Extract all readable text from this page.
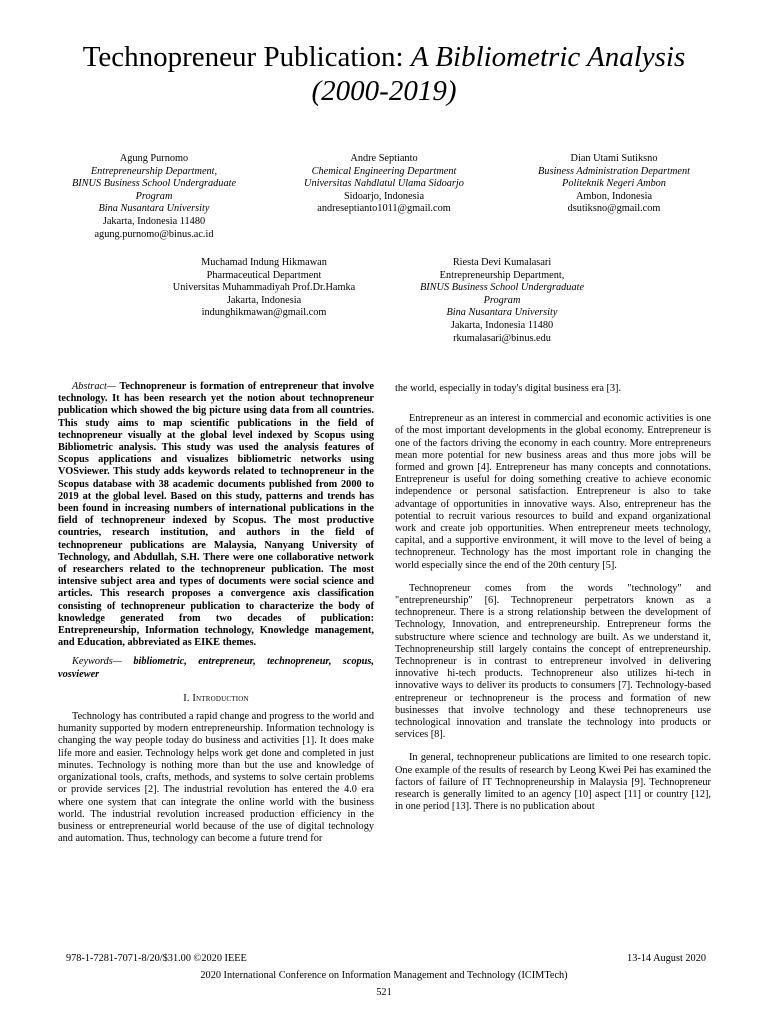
Technopreneur Publication: A Bibliometric Analysis
(2000-2019)
Agung Purnomo
Entrepreneurship Department,
BINUS Business School Undergraduate
Program
Bina Nusantara University
Jakarta, Indonesia 11480
agung.purnomo@binus.ac.id
Andre Septianto
Chemical Engineering Department
Universitas Nahdlatul Ulama Sidoarjo
Sidoarjo, Indonesia
andreseptianto1011@gmail.com
Dian Utami Sutiksno
Business Administration Department
Politeknik Negeri Ambon
Ambon, Indonesia
dsutiksno@gmail.com
Muchamad Indung Hikmawan
Pharmaceutical Department
Universitas Muhammadiyah Prof.Dr.Hamka
Jakarta, Indonesia
indunghikmawan@gmail.com
Riesta Devi Kumalasari
Entrepreneurship Department,
BINUS Business School Undergraduate
Program
Bina Nusantara University
Jakarta, Indonesia 11480
rkumalasari@binus.edu

Abstract— Technopreneur is formation of entrepreneur that involve technology. It has been research yet the notion about technopreneur publication which showed the big picture using data from all countries. This study aims to map scientific publications in the field of technopreneur visually at the global level indexed by Scopus using Bibliometric analysis. This study was used the analysis features of Scopus applications and visualizes bibliometric networks using VOSviewer. This study adds keywords related to technopreneur in the Scopus database with 38 academic documents published from 2000 to 2019 at the global level. Based on this study, patterns and trends has been found in increasing numbers of international publications in the field of technopreneur indexed by Scopus. The most productive countries, research institution, and authors in the field of technopreneur publications are Malaysia, Nanyang University of Technology, and Abdullah, S.H. There were one collaborative network of researchers related to the technopreneur publication. The most intensive subject area and types of documents were social science and articles. This research proposes a convergence axis classification consisting of technopreneur publication to characterize the body of knowledge generated from two decades of publication: Entrepreneurship, Information technology, Knowledge management, and Education, abbreviated as EIKE themes.

Keywords— bibliometric, entrepreneur, technopreneur, scopus, vosviewer

I. Introduction

Technology has contributed a rapid change and progress to the world and humanity supported by modern entrepreneurship. Information technology is changing the way people today do business and activities [1]. It does make life more and easier. Technology helps work get done and completed in just minutes. Technology is nothing more than but the use and knowledge of organizational tools, crafts, methods, and systems to solve certain problems or provide services [2]. The industrial revolution has entered the 4.0 era where one system that can integrate the online world with the business world. The industrial revolution increased production efficiency in the business or entrepreneurial world because of the use of digital technology and automation. Thus, technology can become a future trend for

the world, especially in today's digital business era [3].

Entrepreneur as an interest in commercial and economic activities is one of the most important developments in the global economy. Entrepreneur is one of the factors driving the economy in each country. More entrepreneurs mean more potential for new business areas and thus more jobs will be formed and grown [4]. Entrepreneur has many concepts and connotations. Entrepreneur is useful for doing something creative to achieve economic independence or personal satisfaction. Entrepreneur is also to take advantage of opportunities in innovative ways. Also, entrepreneur has the potential to recruit various resources to build and expand organizational work and create job opportunities. When entrepreneur meets technology, capital, and a supportive environment, it will move to the level of being a technopreneur. Technology has the most important role in changing the world especially since the end of the 20th century [5].

Technopreneur comes from the words "technology" and "entrepreneurship" [6]. Technopreneur perpetrators known as a technopreneur. There is a strong relationship between the development of Technology, Innovation, and entrepreneurship. Entrepreneur forms the substructure where science and technology are built. As we understand it, Technopreneurship still largely contains the concept of entrepreneurship. Technopreneur is in contrast to entrepreneur involved in delivering innovative hi-tech products. Technopreneur also utilizes hi-tech in innovative ways to deliver its products to consumers [7]. Technology-based entrepreneur or technopreneur is the process and formation of new businesses that involve technology and these technopreneurs use technological innovation and translate the technology into products or services [8].

In general, technopreneur publications are limited to one research topic. One example of the results of research by Leong Kwei Pei has examined the factors of failure of IT Technopreneurship in Malaysia [9]. Technopreneur research is generally limited to an agency [10] aspect [11] or country [12], in one period [13]. There is no publication about

978-1-7281-7071-8/20/$31.00 ©2020 IEEE	13-14 August 2020
2020 International Conference on Information Management and Technology (ICIMTech)
521
